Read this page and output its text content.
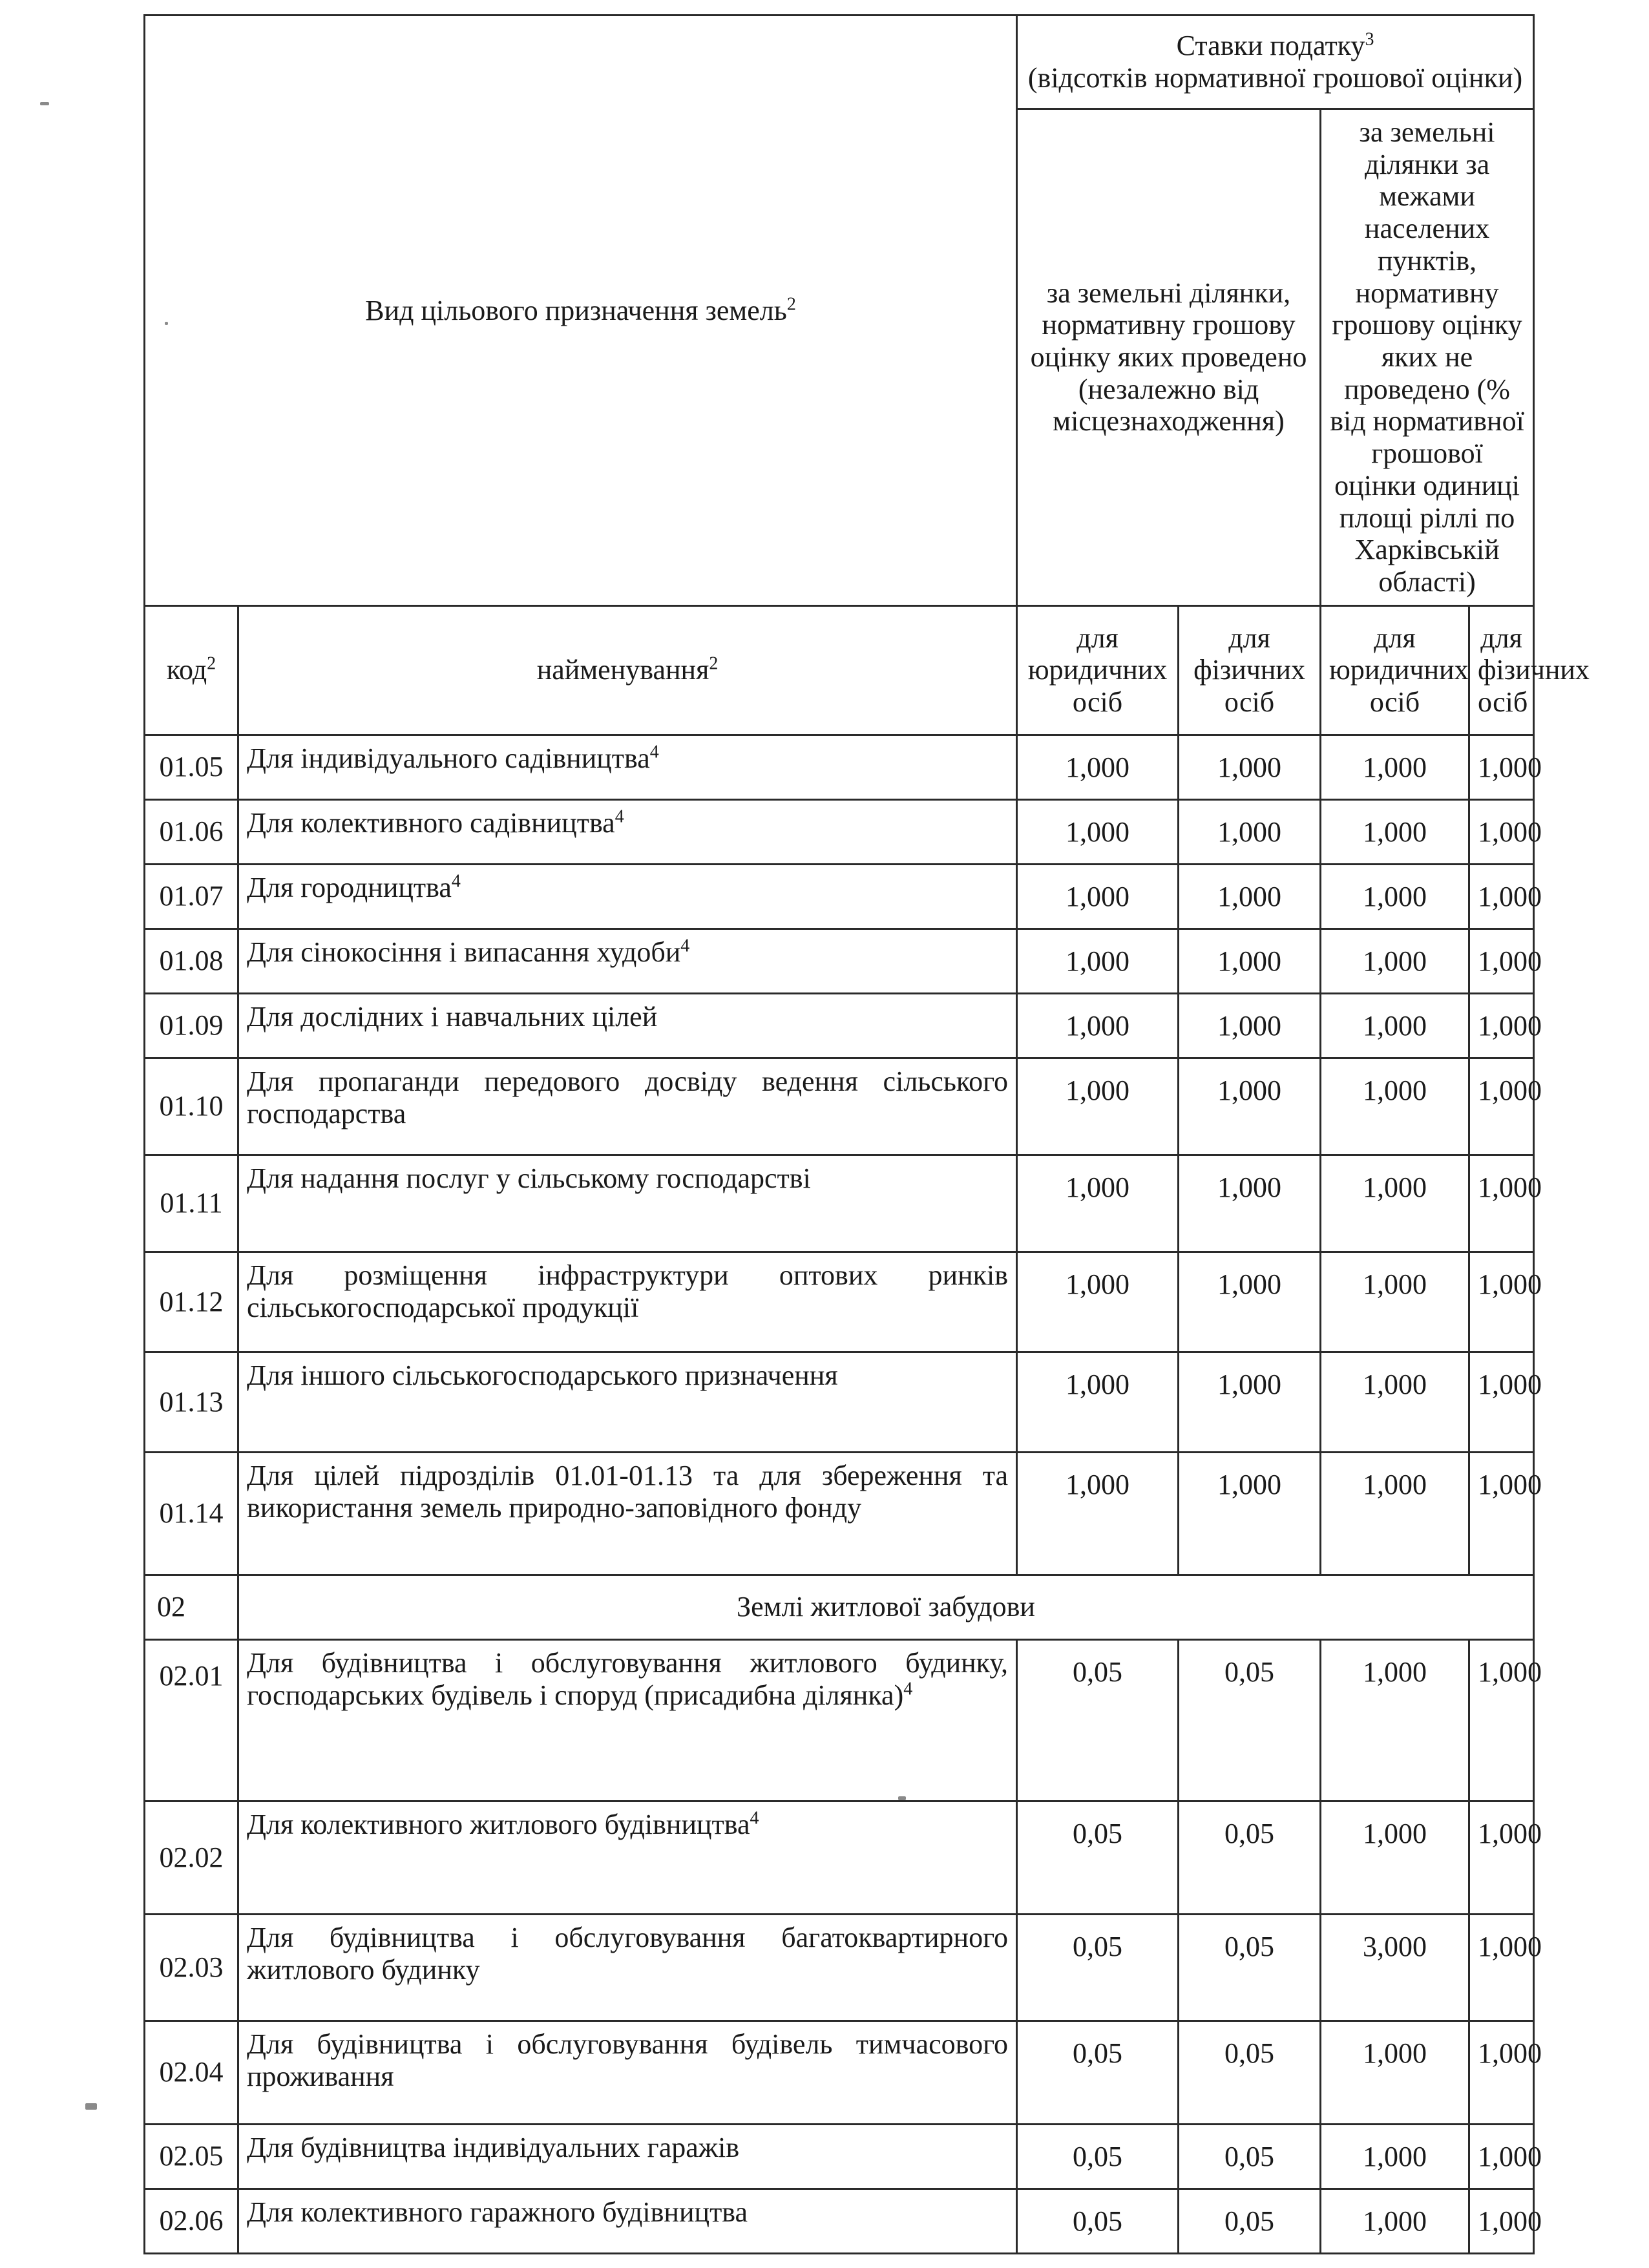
Вид цільового призначення земель$^2$		Ставки податку$^3$
(відсотків нормативної грошової оцінки)			
		за земельні ділянки, нормативну грошову оцінку яких проведено (незалежно від місцезнаходження)		за земельні ділянки за межами населених пунктів, нормативну грошову оцінку яких не проведено (% від нормативної грошової оцінки одиниці площі ріллі по Харківській області)	
код$^2$	найменування$^2$	для юридичних осіб	для фізичних осіб	для юридичних осіб	для фізичних осіб
01.05	Для індивідуального садівництва$^4$	1,000	1,000	1,000	1,000
01.06	Для колективного садівництва$^4$	1,000	1,000	1,000	1,000
01.07	Для городництва$^4$	1,000	1,000	1,000	1,000
01.08	Для сінокосіння і випасання худоби$^4$	1,000	1,000	1,000	1,000
01.09	Для дослідних і навчальних цілей	1,000	1,000	1,000	1,000
01.10	Для пропаганди передового досвіду ведення сільського господарства	1,000	1,000	1,000	1,000
01.11	Для надання послуг у сільському господарстві	1,000	1,000	1,000	1,000
01.12	Для розміщення інфраструктури оптових ринків сільськогосподарської продукції	1,000	1,000	1,000	1,000
01.13	Для іншого сільськогосподарського призначення	1,000	1,000	1,000	1,000
01.14	Для цілей підрозділів 01.01-01.13 та для збереження та використання земель природно-заповідного фонду	1,000	1,000	1,000	1,000
02	Землі житлової забудови				
02.01	Для будівництва і обслуговування житлового будинку, господарських будівель і споруд (присадибна ділянка)$^4$	0,05	0,05	1,000	1,000
02.02	Для колективного житлового будівництва$^4$	0,05	0,05	1,000	1,000
02.03	Для будівництва і обслуговування багатоквартирного житлового будинку	0,05	0,05	3,000	1,000
02.04	Для будівництва і обслуговування будівель тимчасового проживання	0,05	0,05	1,000	1,000
02.05	Для будівництва індивідуальних гаражів	0,05	0,05	1,000	1,000
02.06	Для колективного гаражного будівництва	0,05	0,05	1,000	1,000
